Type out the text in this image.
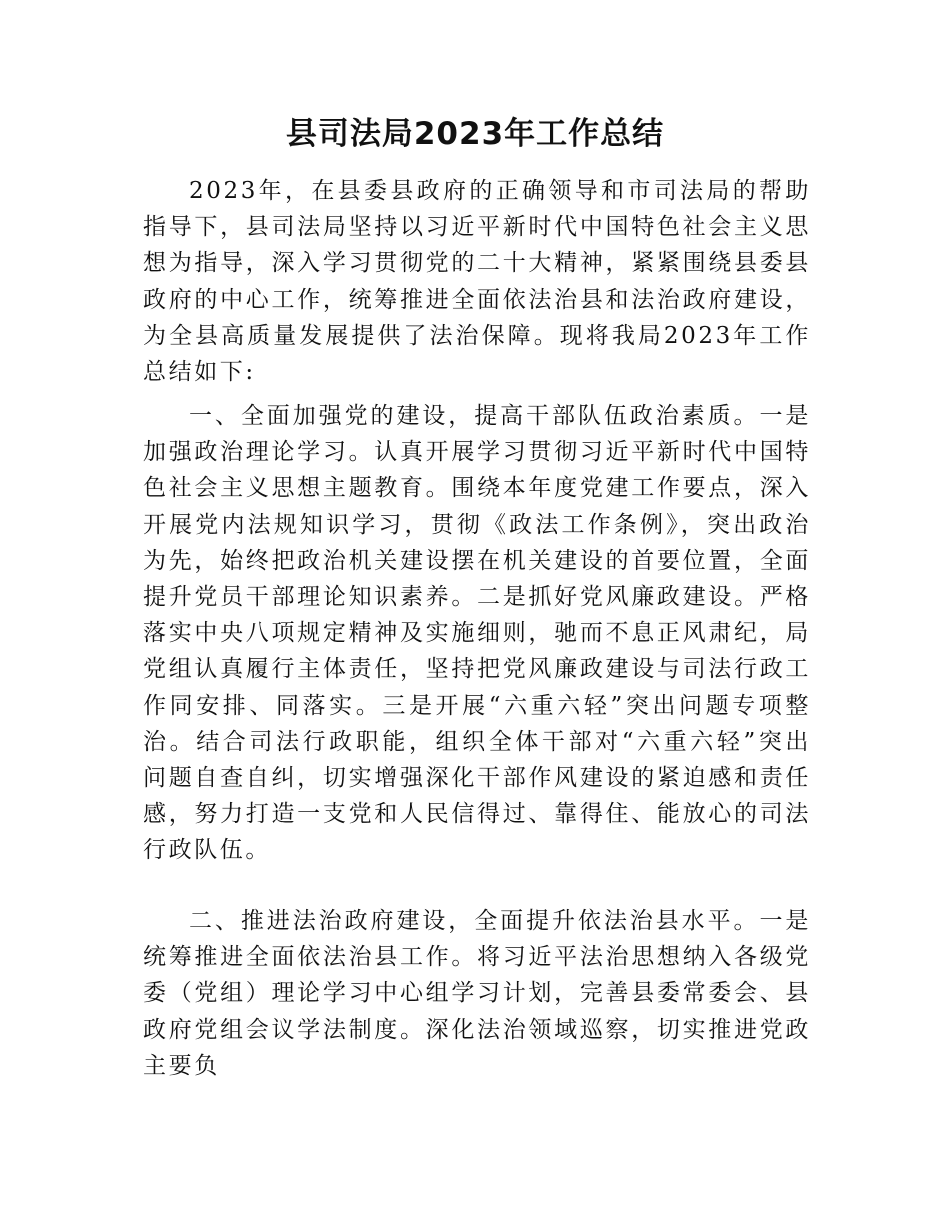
县司法局2023年工作总结

2023年，在县委县政府的正确领导和市司法局的帮助指导下，县司法局坚持以习近平新时代中国特色社会主义思想为指导，深入学习贯彻党的二十大精神，紧紧围绕县委县政府的中心工作，统筹推进全面依法治县和法治政府建设，为全县高质量发展提供了法治保障。现将我局2023年工作总结如下:

一、全面加强党的建设，提高干部队伍政治素质。一是加强政治理论学习。认真开展学习贯彻习近平新时代中国特色社会主义思想主题教育。围绕本年度党建工作要点，深入开展党内法规知识学习，贯彻《政法工作条例》，突出政治为先，始终把政治机关建设摆在机关建设的首要位置，全面提升党员干部理论知识素养。二是抓好党风廉政建设。严格落实中央八项规定精神及实施细则，驰而不息正风肃纪，局党组认真履行主体责任，坚持把党风廉政建设与司法行政工作同安排、同落实。三是开展“六重六轻”突出问题专项整治。结合司法行政职能，组织全体干部对“六重六轻”突出问题自查自纠，切实增强深化干部作风建设的紧迫感和责任感，努力打造一支党和人民信得过、靠得住、能放心的司法行政队伍。

二、推进法治政府建设，全面提升依法治县水平。一是统筹推进全面依法治县工作。将习近平法治思想纳入各级党委（党组）理论学习中心组学习计划，完善县委常委会、县政府党组会议学法制度。深化法治领域巡察，切实推进党政主要负
